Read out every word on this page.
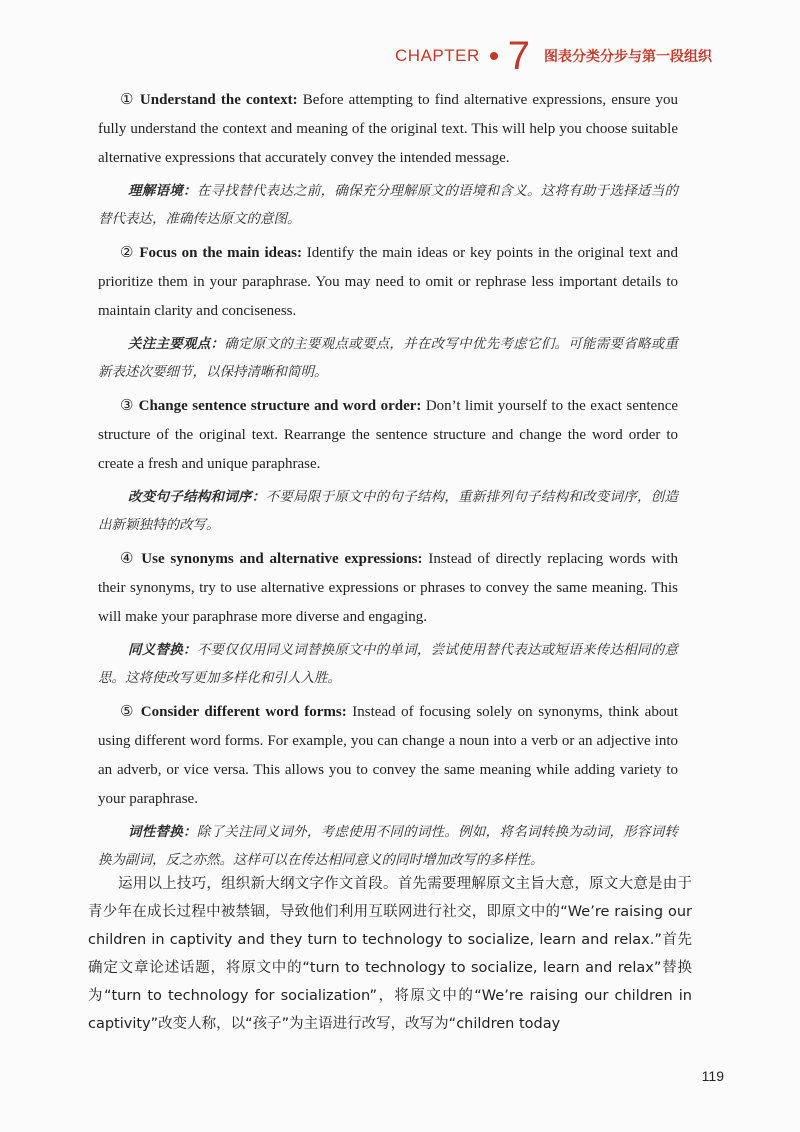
CHAPTER 7 图表分类分步与第一段组织

① Understand the context: Before attempting to find alternative expressions, ensure you fully understand the context and meaning of the original text. This will help you choose suitable alternative expressions that accurately convey the intended message.

理解语境：在寻找替代表达之前，确保充分理解原文的语境和含义。这将有助于选择适当的替代表达，准确传达原文的意图。

② Focus on the main ideas: Identify the main ideas or key points in the original text and prioritize them in your paraphrase. You may need to omit or rephrase less important details to maintain clarity and conciseness.

关注主要观点：确定原文的主要观点或要点，并在改写中优先考虑它们。可能需要省略或重新表述次要细节，以保持清晰和简明。

③ Change sentence structure and word order: Don’t limit yourself to the exact sentence structure of the original text. Rearrange the sentence structure and change the word order to create a fresh and unique paraphrase.

改变句子结构和词序：不要局限于原文中的句子结构，重新排列句子结构和改变词序，创造出新颖独特的改写。

④ Use synonyms and alternative expressions: Instead of directly replacing words with their synonyms, try to use alternative expressions or phrases to convey the same meaning. This will make your paraphrase more diverse and engaging.

同义替换：不要仅仅用同义词替换原文中的单词，尝试使用替代表达或短语来传达相同的意思。这将使改写更加多样化和引人入胜。

⑤ Consider different word forms: Instead of focusing solely on synonyms, think about using different word forms. For example, you can change a noun into a verb or an adjective into an adverb, or vice versa. This allows you to convey the same meaning while adding variety to your paraphrase.

词性替换：除了关注同义词外，考虑使用不同的词性。例如，将名词转换为动词，形容词转换为副词，反之亦然。这样可以在传达相同意义的同时增加改写的多样性。

运用以上技巧，组织新大纲文字作文首段。首先需要理解原文主旨大意，原文大意是由于青少年在成长过程中被禁锢，导致他们利用互联网进行社交，即原文中的“We’re raising our children in captivity and they turn to technology to socialize, learn and relax.”首先确定文章论述话题，将原文中的“turn to technology to socialize, learn and relax”替换为“turn to technology for socialization”，将原文中的“We’re raising our children in captivity”改变人称，以“孩子”为主语进行改写，改写为“children today

119
